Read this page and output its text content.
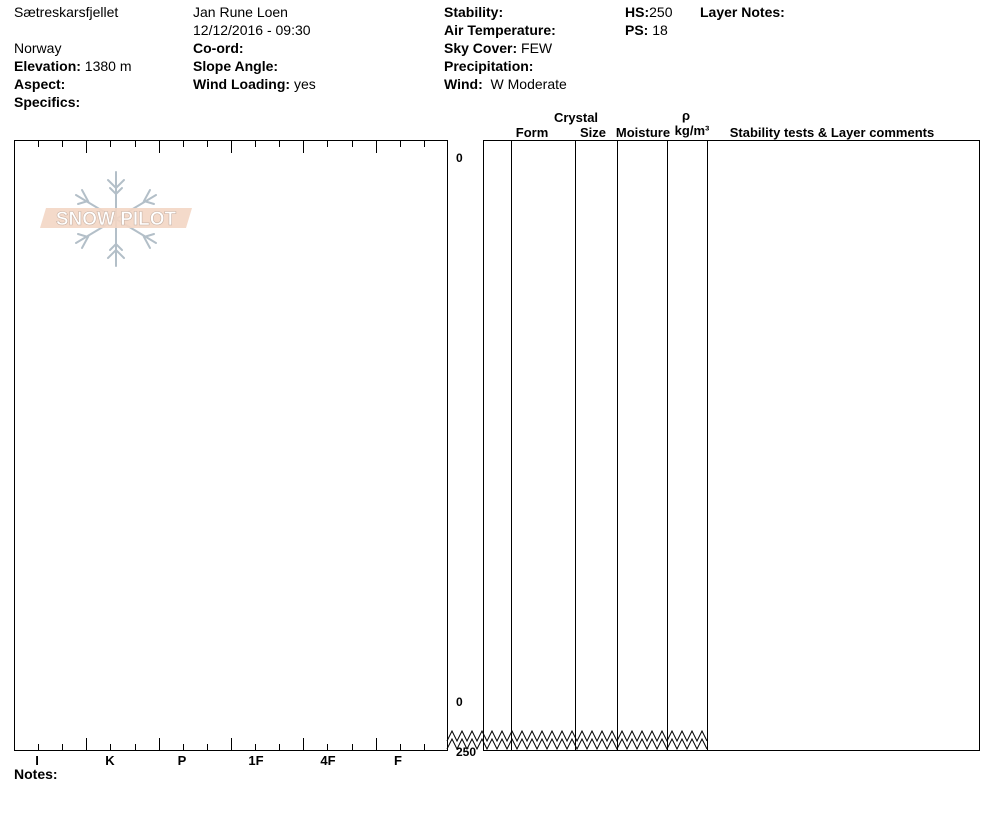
Sætreskarsfjellet
Norway
Elevation: 1380 m
Aspect:
Specifics:
Jan Rune Loen
12/12/2016 - 09:30
Co-ord:
Slope Angle:
Wind Loading: yes
Stability:
Air Temperature:
Sky Cover: FEW
Precipitation:
Wind: W Moderate
HS:250
PS: 18
Layer Notes:
SNOW PILOT
I	K	P	1F	4F	F
0
0
250
Crystal
Form	Size Moisture
ρ
kg/m³	Stability tests & Layer comments
Notes:
